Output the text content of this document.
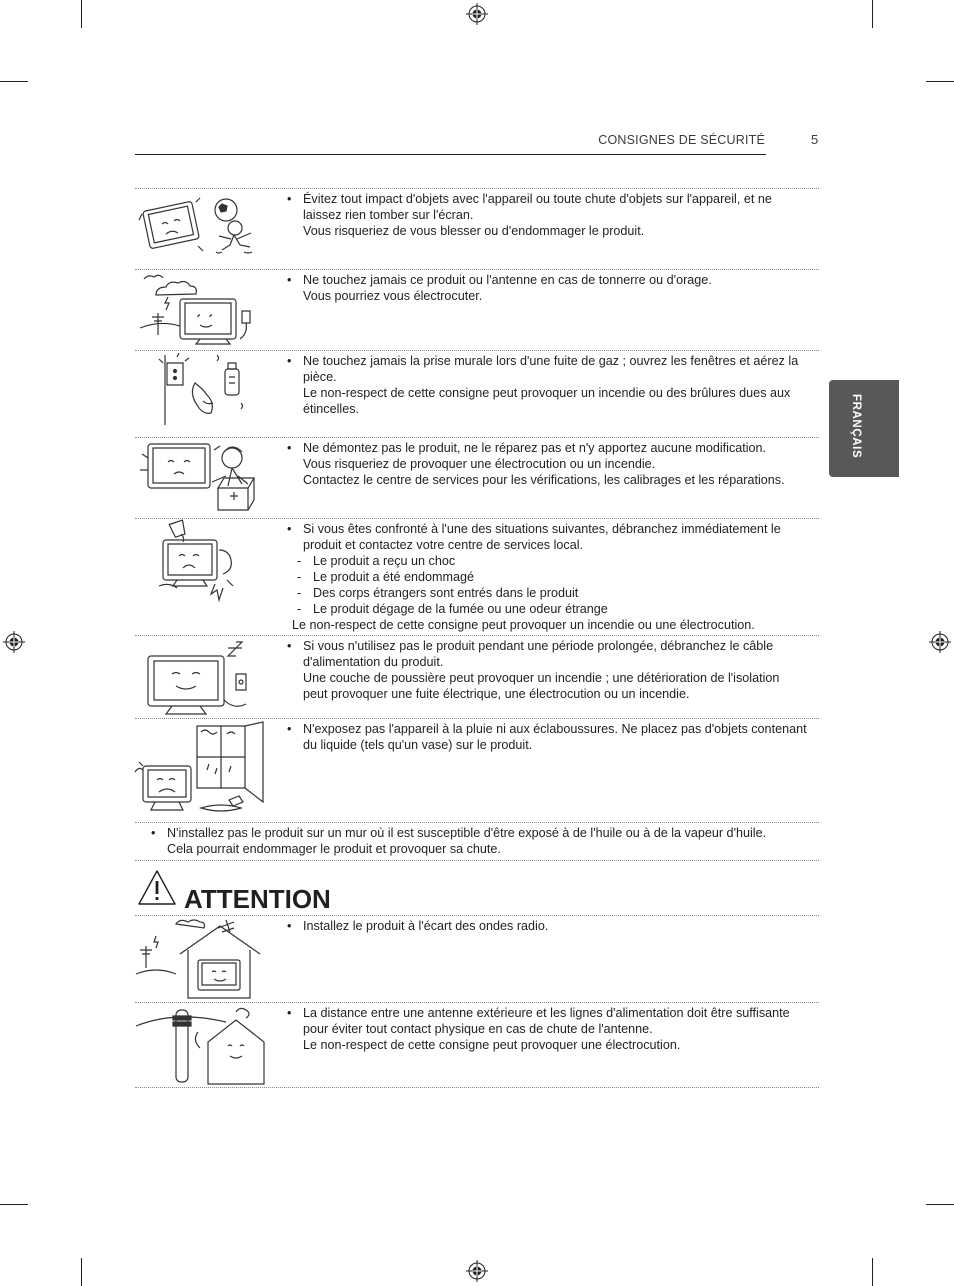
CONSIGNES DE SÉCURITÉ	5
FRANÇAIS
• Évitez tout impact d'objets avec l'appareil ou toute chute d'objets sur l'appareil, et ne laissez rien tomber sur l'écran.
Vous risqueriez de vous blesser ou d'endommager le produit.
• Ne touchez jamais ce produit ou l'antenne en cas de tonnerre ou d'orage.
Vous pourriez vous électrocuter.
• Ne touchez jamais la prise murale lors d'une fuite de gaz ; ouvrez les fenêtres et aérez la pièce.
Le non-respect de cette consigne peut provoquer un incendie ou des brûlures dues aux étincelles.
• Ne démontez pas le produit, ne le réparez pas et n'y apportez aucune modification.
Vous risqueriez de provoquer une électrocution ou un incendie.
Contactez le centre de services pour les vérifications, les calibrages et les réparations.
• Si vous êtes confronté à l'une des situations suivantes, débranchez immédiatement le produit et contactez votre centre de services local.
- Le produit a reçu un choc
- Le produit a été endommagé
- Des corps étrangers sont entrés dans le produit
- Le produit dégage de la fumée ou une odeur étrange
Le non-respect de cette consigne peut provoquer un incendie ou une électrocution.
• Si vous n'utilisez pas le produit pendant une période prolongée, débranchez le câble d'alimentation du produit.
Une couche de poussière peut provoquer un incendie ; une détérioration de l'isolation peut provoquer une fuite électrique, une électrocution ou un incendie.
• N'exposez pas l'appareil à la pluie ni aux éclaboussures. Ne placez pas d'objets contenant du liquide (tels qu'un vase) sur le produit.
• N'installez pas le produit sur un mur où il est susceptible d'être exposé à de l'huile ou à de la vapeur d'huile.
Cela pourrait endommager le produit et provoquer sa chute.
ATTENTION
• Installez le produit à l'écart des ondes radio.
• La distance entre une antenne extérieure et les lignes d'alimentation doit être suffisante pour éviter tout contact physique en cas de chute de l'antenne.
Le non-respect de cette consigne peut provoquer une électrocution.
